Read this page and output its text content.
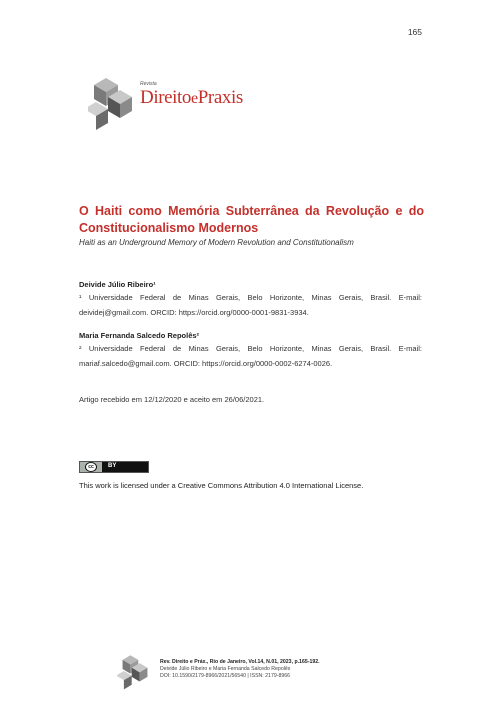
165
Revista
DireitoePraxis
O Haiti como Memória Subterrânea da Revolução e do Constitucionalismo Modernos

Haiti as an Underground Memory of Modern Revolution and Constitutionalism

Deivide Júlio Ribeiro¹
¹ Universidade Federal de Minas Gerais, Belo Horizonte, Minas Gerais, Brasil. E-mail: deividej@gmail.com. ORCID: https://orcid.org/0000-0001-9831-3934.
Maria Fernanda Salcedo Repolês²
² Universidade Federal de Minas Gerais, Belo Horizonte, Minas Gerais, Brasil. E-mail: mariaf.salcedo@gmail.com. ORCID: https://orcid.org/0000-0002-6274-0026.
Artigo recebido em 12/12/2020 e aceito em 26/06/2021.
cc	BY
This work is licensed under a Creative Commons Attribution 4.0 International License.
Rev. Direito e Práx., Rio de Janeiro, Vol.14, N.01, 2023, p.165-192.
Deivide Júlio Ribeiro e Maria Fernanda Salcedo Repolês
DOI: 10.1590/2179-8966/2021/56540 | ISSN: 2179-8966
